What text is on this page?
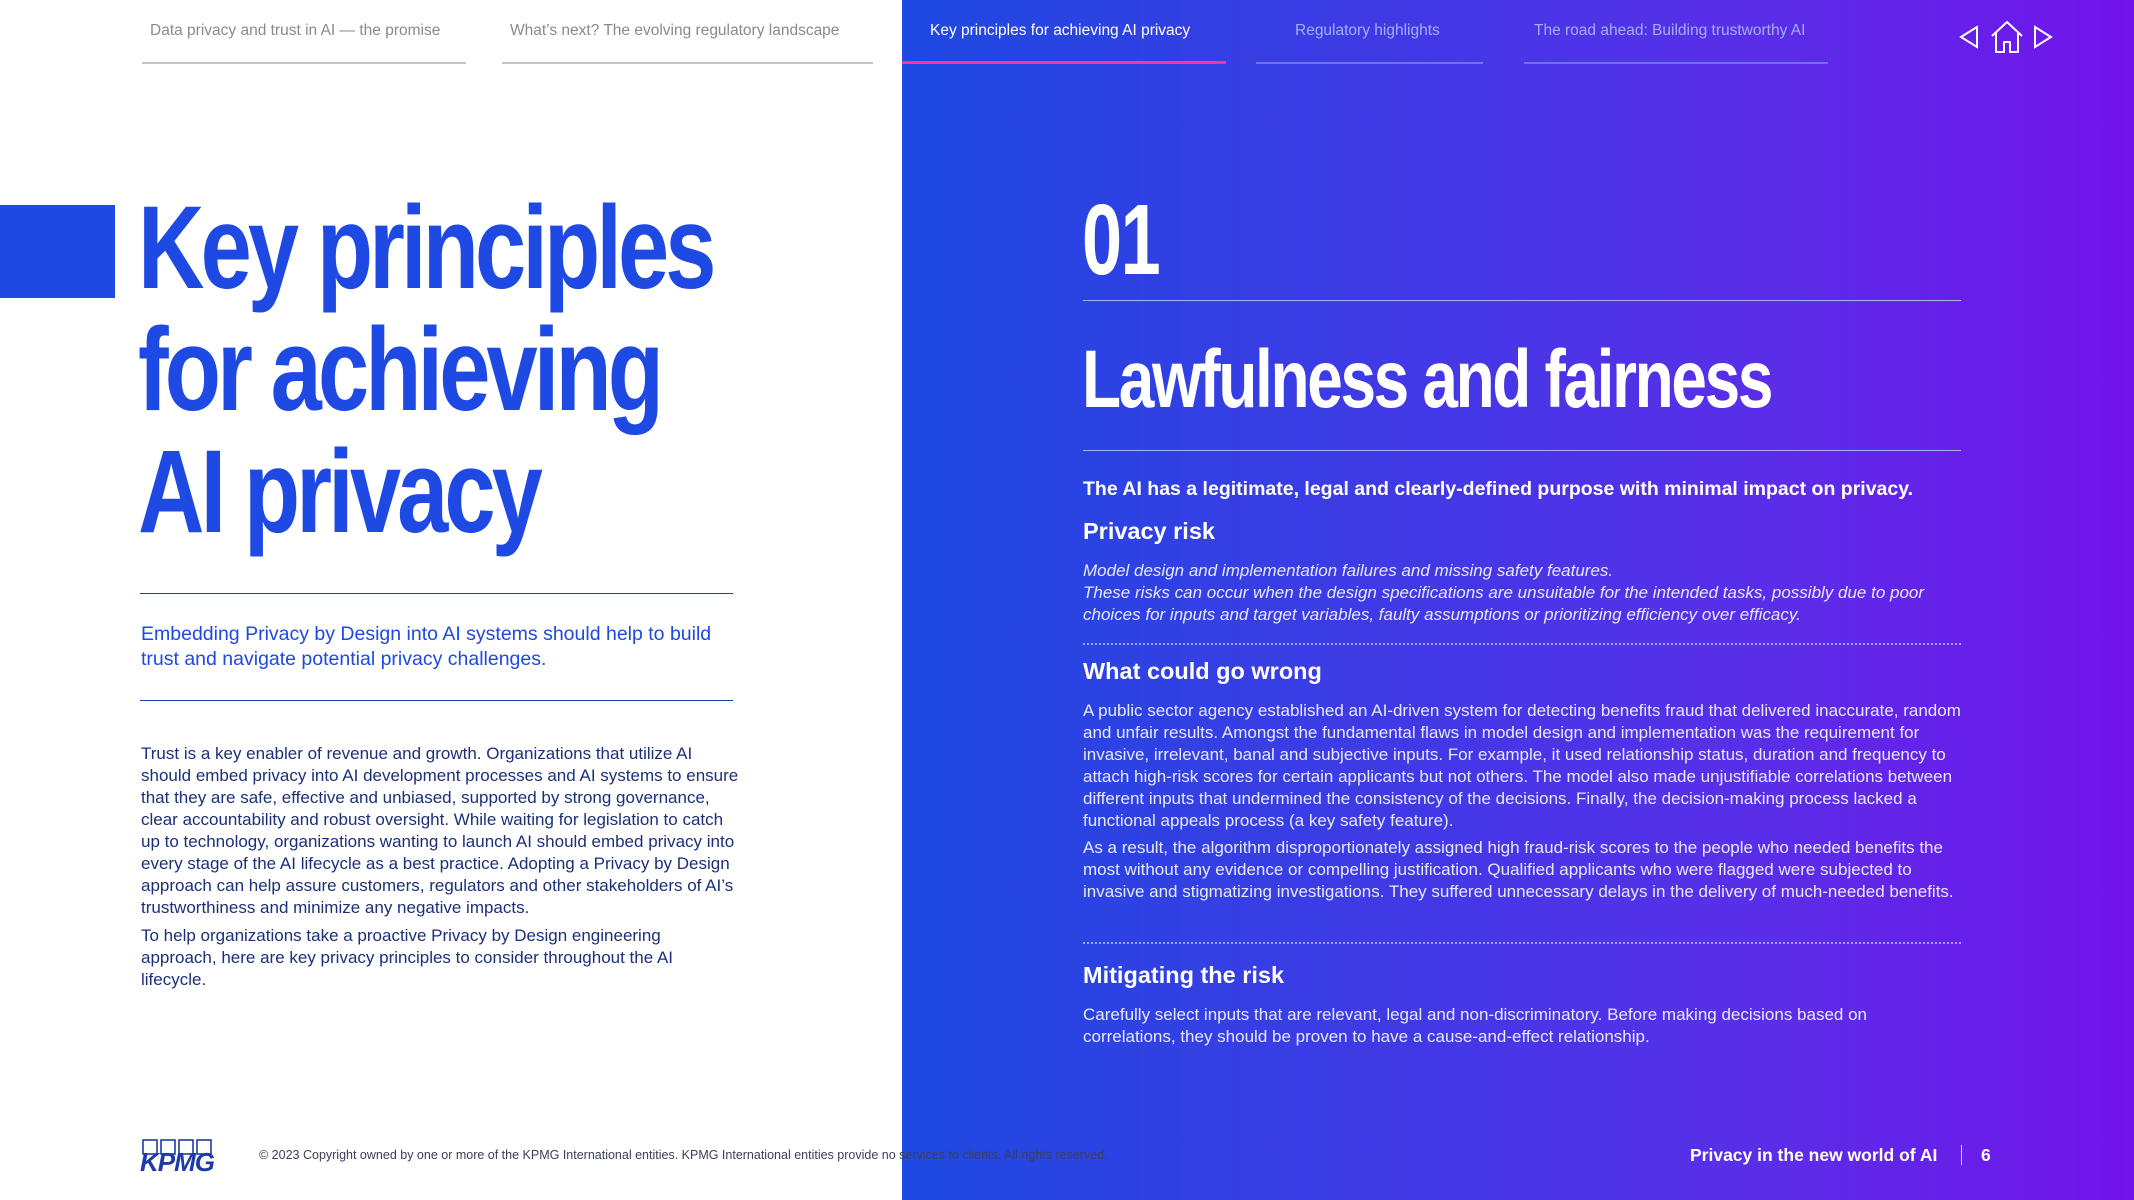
Data privacy and trust in AI — the promise	What’s next? The evolving regulatory landscape	Key principles for achieving AI privacy	Regulatory highlights	The road ahead: Building trustworthy AI
Key principles
for achieving
AI privacy

Embedding Privacy by Design into AI systems should help to build trust and navigate potential privacy challenges.

Trust is a key enabler of revenue and growth. Organizations that utilize AI should embed privacy into AI development processes and AI systems to ensure that they are safe, effective and unbiased, supported by strong governance, clear accountability and robust oversight. While waiting for legislation to catch up to technology, organizations wanting to launch AI should embed privacy into every stage of the AI lifecycle as a best practice. Adopting a Privacy by Design approach can help assure customers, regulators and other stakeholders of AI’s trustworthiness and minimize any negative impacts.

To help organizations take a proactive Privacy by Design engineering approach, here are key privacy principles to consider throughout the AI lifecycle.

01
Lawfulness and fairness

The AI has a legitimate, legal and clearly-defined purpose with minimal impact on privacy.

Privacy risk
Model design and implementation failures and missing safety features.
These risks can occur when the design specifications are unsuitable for the intended tasks, possibly due to poor choices for inputs and target variables, faulty assumptions or prioritizing efficiency over efficacy.
What could go wrong

A public sector agency established an AI-driven system for detecting benefits fraud that delivered inaccurate, random and unfair results. Amongst the fundamental flaws in model design and implementation was the requirement for invasive, irrelevant, banal and subjective inputs. For example, it used relationship status, duration and frequency to attach high-risk scores for certain applicants but not others. The model also made unjustifiable correlations between different inputs that undermined the consistency of the decisions. Finally, the decision-making process lacked a functional appeals process (a key safety feature).

As a result, the algorithm disproportionately assigned high fraud-risk scores to the people who needed benefits the most without any evidence or compelling justification. Qualified applicants who were flagged were subjected to invasive and stigmatizing investigations. They suffered unnecessary delays in the delivery of much-needed benefits.

Mitigating the risk

Carefully select inputs that are relevant, legal and non-discriminatory. Before making decisions based on correlations, they should be proven to have a cause-and-effect relationship.

KPMG	© 2023 Copyright owned by one or more of the KPMG International entities. KPMG International entities provide no services to clients. All rights reserved.	Privacy in the new world of AI 6
